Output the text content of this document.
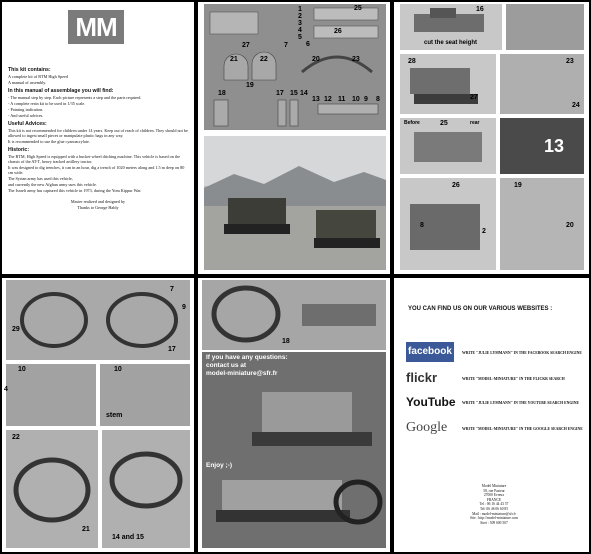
MM
This kit contains:

A complete kit of BTM High Speed

A manual of assembly.

In this manual of assemblage you will find:

- The manual step by step. Each picture represents a step and the parts required.

- A complete resin kit to be used in 1/35 scale.

- Painting indication.

- And useful advices.

Useful Advices:

This kit is not recommended for children under 14 years. Keep out of reach of children. They should not be allowed to ingest small pieces or manipulate plastic bags in any way.

It is recommended to use the glue cyanoacrylate.

Historic:

The BTM, High Speed is equipped with a bucket-wheel ditching machine. This vehicle is based on the chassis of the AT-T, heavy tracked artillery tractor.

It was designed to dig trenches, it can in an hour, dig a trench of 1020 meters along and 1.5 m deep on 80 cm wide.

The Syrian army has used this vehicle,

and currently the new Afghan army uses this vehicle.

The Israeli army has captured this vehicle in 1973, during the Yom Kippur War.

Master realized and designed by

Thanks to George Haldy

1
2
3
4
5
6
7
25
26
27
21	22	20	23
19
18	17 15 14
13 12 11 10 9 8
16
cut the seat height
28
27
23
24
Before	25	rear
13
26
8
2
19
20
7
9
29
17
10	10
4
stem
22
21
14 and 15
18
If you have any questions:
contact us at
model-miniature@sfr.fr
Enjoy ;-)
YOU CAN FIND US ON OUR VARIOUS WEBSITES :
facebook	WRITE "JULIE LYMMANN" IN THE FACEBOOK SEARCH ENGINE
flickr	WRITE "MODEL-MINIATURE" IN THE FLICKR SEARCH
YouTube WRITE "JULIE LYMMANN" IN THE YOUTUBE SEARCH ENGINE
Google	WRITE "MODEL-MINIATURE" IN THE GOOGLE SEARCH ENGINE
Model Miniature
58, rue Pasteur
27000 Evreux
FRANCE
Tel : 06 16 44 43 57
Tel: 06 46 06 60 85
Mail : model-miniature@sfr.fr
Site : http://model-miniature.com
Siret : 509 600 507
